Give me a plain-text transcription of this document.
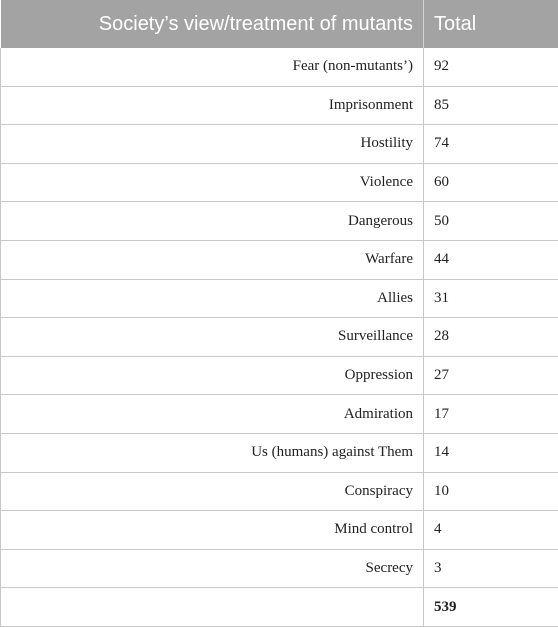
Society’s view/treatment of mutants	Total
Fear (non-mutants’)	92
Imprisonment	85
Hostility	74
Violence	60
Dangerous	50
Warfare	44
Allies	31
Surveillance	28
Oppression	27
Admiration	17
Us (humans) against Them	14
Conspiracy	10
Mind control	4
Secrecy	3
	539
